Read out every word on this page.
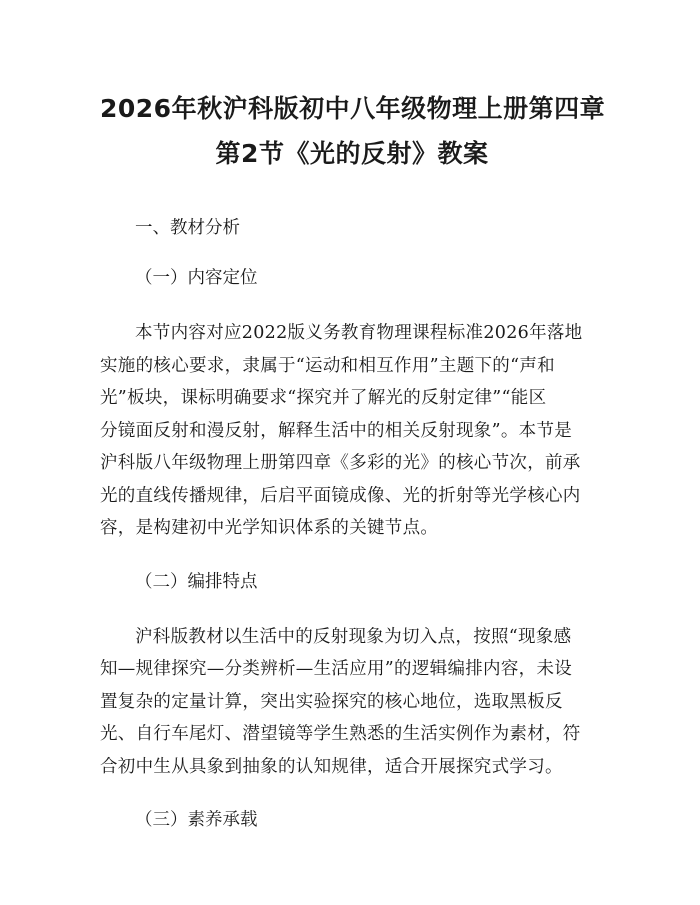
2026年秋沪科版初中八年级物理上册第四章
第2节《光的反射》教案

一、教材分析

（一）内容定位

本节内容对应2022版义务教育物理课程标准2026年落地
实施的核心要求，隶属于“运动和相互作用”主题下的“声和
光”板块，课标明确要求“探究并了解光的反射定律”“能区
分镜面反射和漫反射，解释生活中的相关反射现象”。本节是
沪科版八年级物理上册第四章《多彩的光》的核心节次，前承
光的直线传播规律，后启平面镜成像、光的折射等光学核心内
容，是构建初中光学知识体系的关键节点。

（二）编排特点

沪科版教材以生活中的反射现象为切入点，按照“现象感
知—规律探究—分类辨析—生活应用”的逻辑编排内容，未设
置复杂的定量计算，突出实验探究的核心地位，选取黑板反
光、自行车尾灯、潜望镜等学生熟悉的生活实例作为素材，符
合初中生从具象到抽象的认知规律，适合开展探究式学习。

（三）素养承载
